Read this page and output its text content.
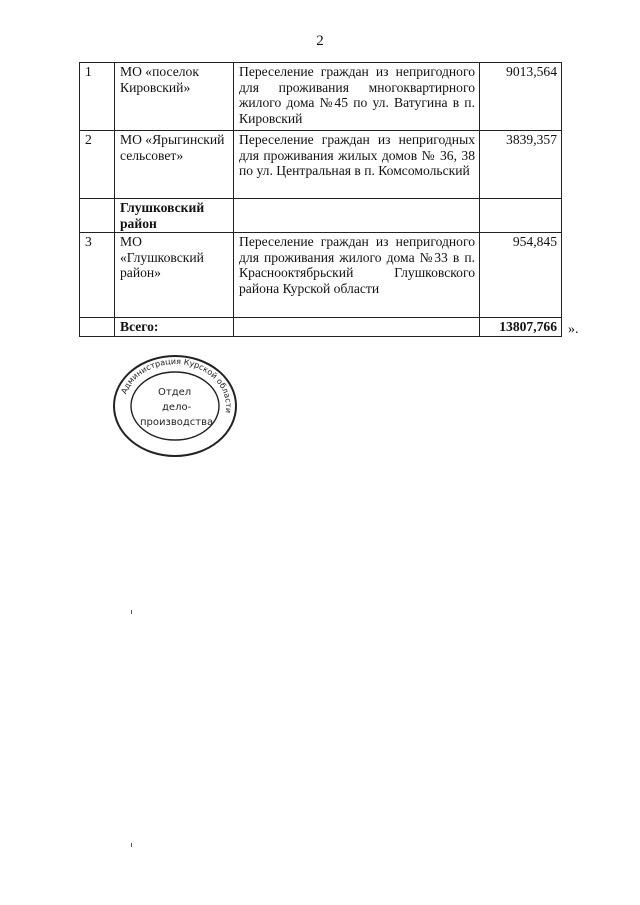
2
1	МО «поселок Кировский»	Переселение граждан из непригодного для проживания многоквартирного жилого дома №45 по ул. Ватугина в п. Кировский	9013,564
2	МО «Ярыгинский сельсовет»	Переселение граждан из непригодных для проживания жилых домов № 36, 38 по ул. Центральная в п. Комсомольский	3839,357
	Глушковский район		
3	МО «Глушковский район»	Переселение граждан из непригодного для проживания жилого дома №33 в п. Краснооктябрьский Глушковского района Курской области	954,845
	Всего:		13807,766 ».
Администрация Курской области
Отдел
дело-
производства
